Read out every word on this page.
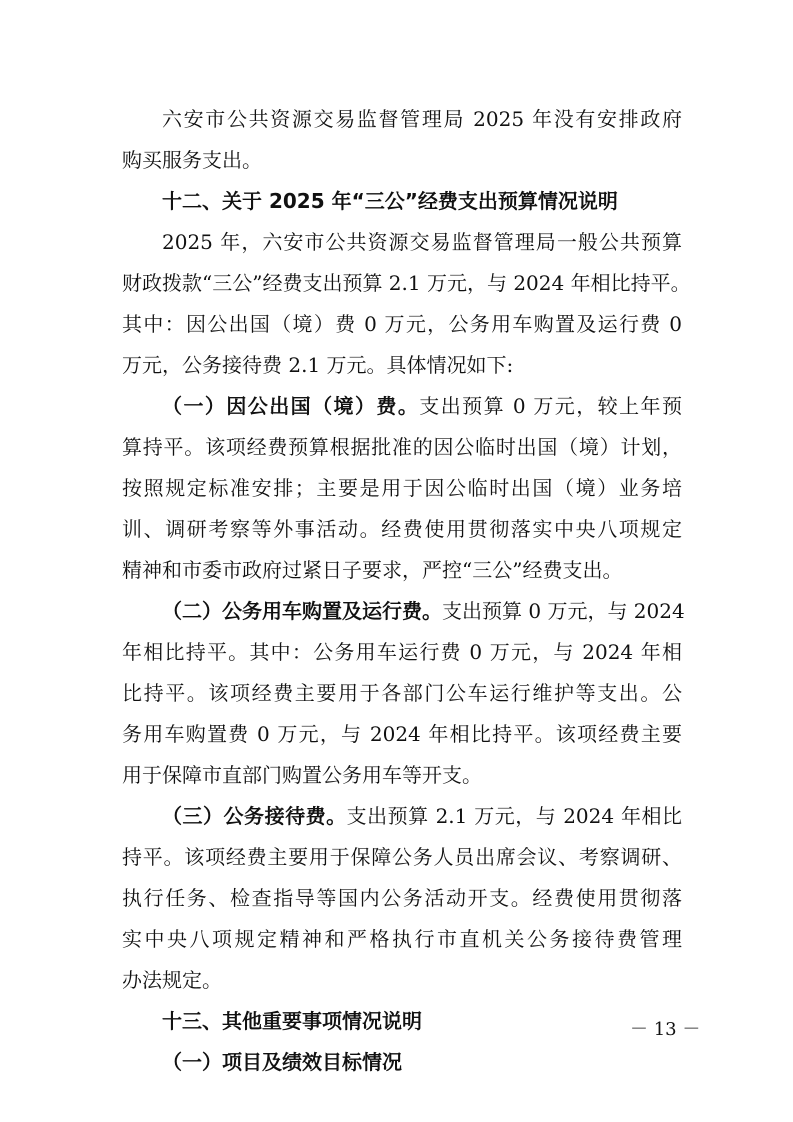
六安市公共资源交易监督管理局 2025 年没有安排政府
购买服务支出。
十二、关于 2025 年“三公”经费支出预算情况说明
2025 年，六安市公共资源交易监督管理局一般公共预算
财政拨款“三公”经费支出预算 2.1 万元，与 2024 年相比持平。
其中：因公出国（境）费 0 万元，公务用车购置及运行费 0
万元，公务接待费 2.1 万元。具体情况如下:
（一）因公出国（境）费。支出预算 0 万元，较上年预
算持平。该项经费预算根据批准的因公临时出国（境）计划，
按照规定标准安排；主要是用于因公临时出国（境）业务培
训、调研考察等外事活动。经费使用贯彻落实中央八项规定
精神和市委市政府过紧日子要求，严控“三公”经费支出。
（二）公务用车购置及运行费。支出预算 0 万元，与 2024
年相比持平。其中：公务用车运行费 0 万元，与 2024 年相
比持平。该项经费主要用于各部门公车运行维护等支出。公
务用车购置费 0 万元，与 2024 年相比持平。该项经费主要
用于保障市直部门购置公务用车等开支。
（三）公务接待费。支出预算 2.1 万元，与 2024 年相比
持平。该项经费主要用于保障公务人员出席会议、考察调研、
执行任务、检查指导等国内公务活动开支。经费使用贯彻落
实中央八项规定精神和严格执行市直机关公务接待费管理
办法规定。
十三、其他重要事项情况说明
（一）项目及绩效目标情况
－ 13 －
